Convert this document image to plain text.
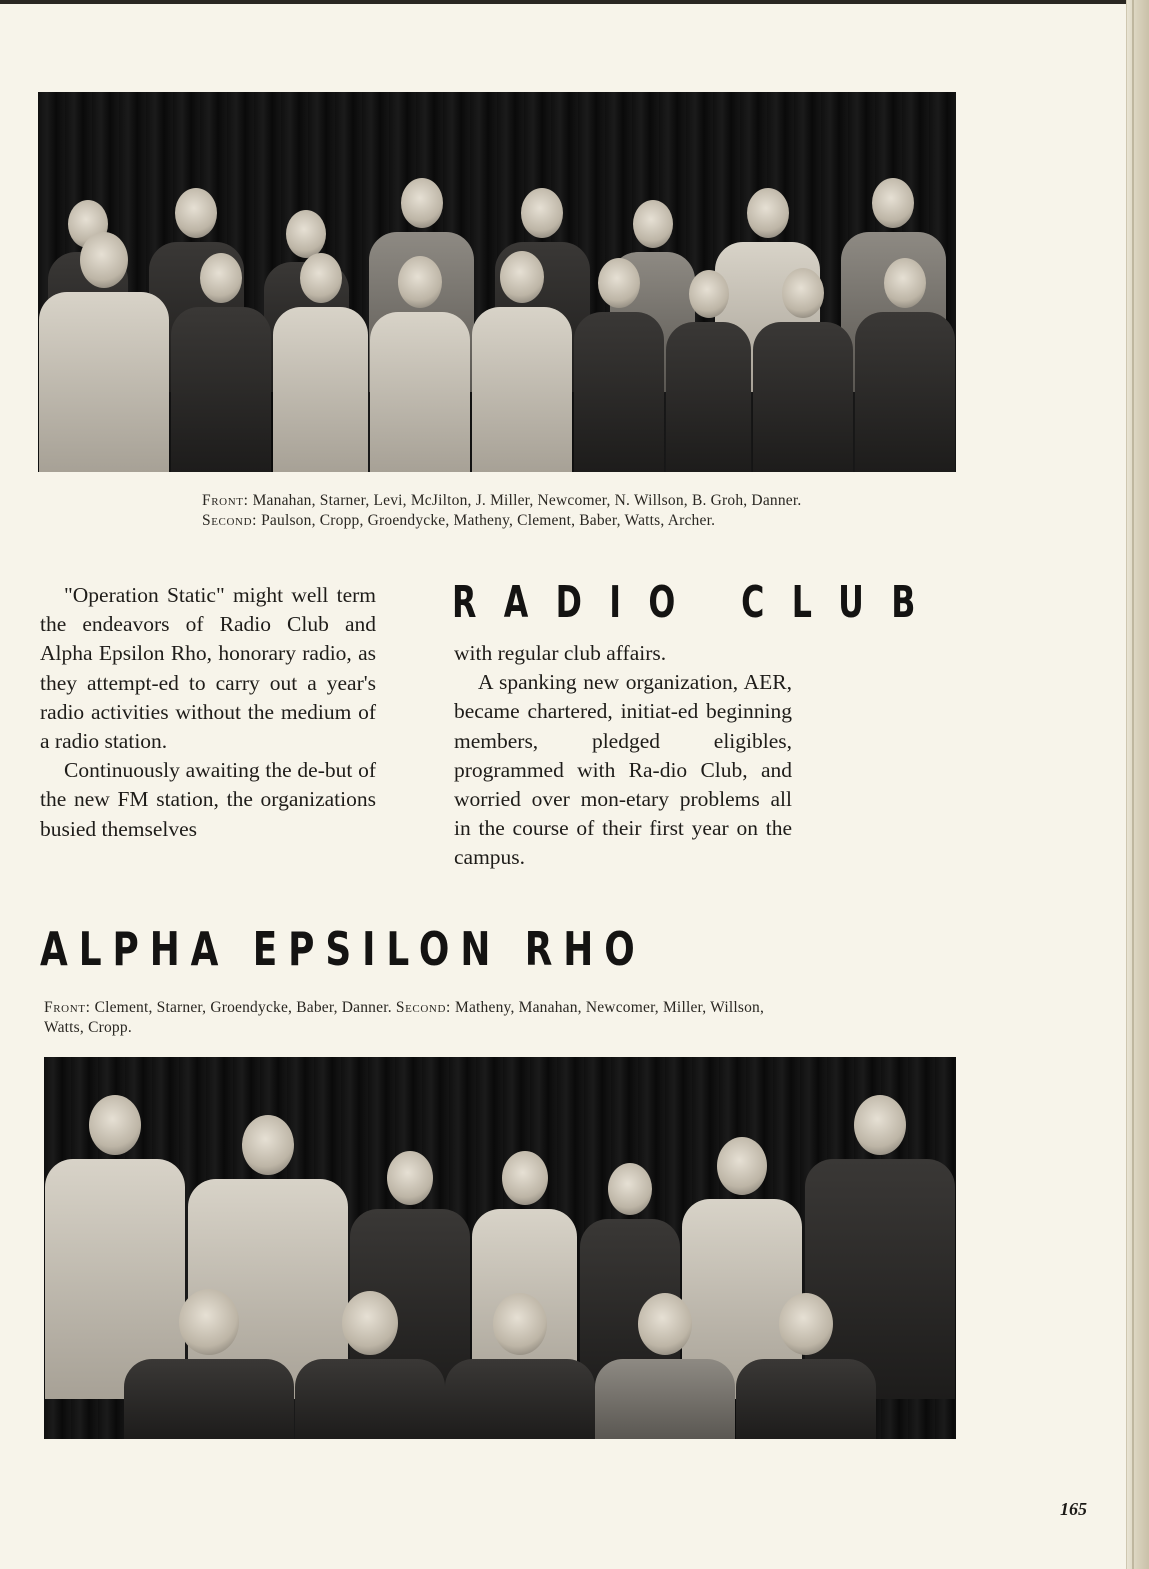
Front: Manahan, Starner, Levi, McJilton, J. Miller, Newcomer, N. Willson, B. Groh, Danner.
Second: Paulson, Cropp, Groendycke, Matheny, Clement, Baber, Watts, Archer.
RADIO CLUB

"Operation Static" might well term the endeavors of Radio Club and Alpha Epsilon Rho, honorary radio, as they attempt-ed to carry out a year's radio activities without the medium of a radio station.

Continuously awaiting the de-but of the new FM station, the organizations busied themselves

with regular club affairs.

A spanking new organization, AER, became chartered, initiat-ed beginning members, pledged eligibles, programmed with Ra-dio Club, and worried over mon-etary problems all in the course of their first year on the campus.

ALPHA EPSILON RHO
Front: Clement, Starner, Groendycke, Baber, Danner. Second: Matheny, Manahan, Newcomer, Miller, Willson, Watts, Cropp.
165
